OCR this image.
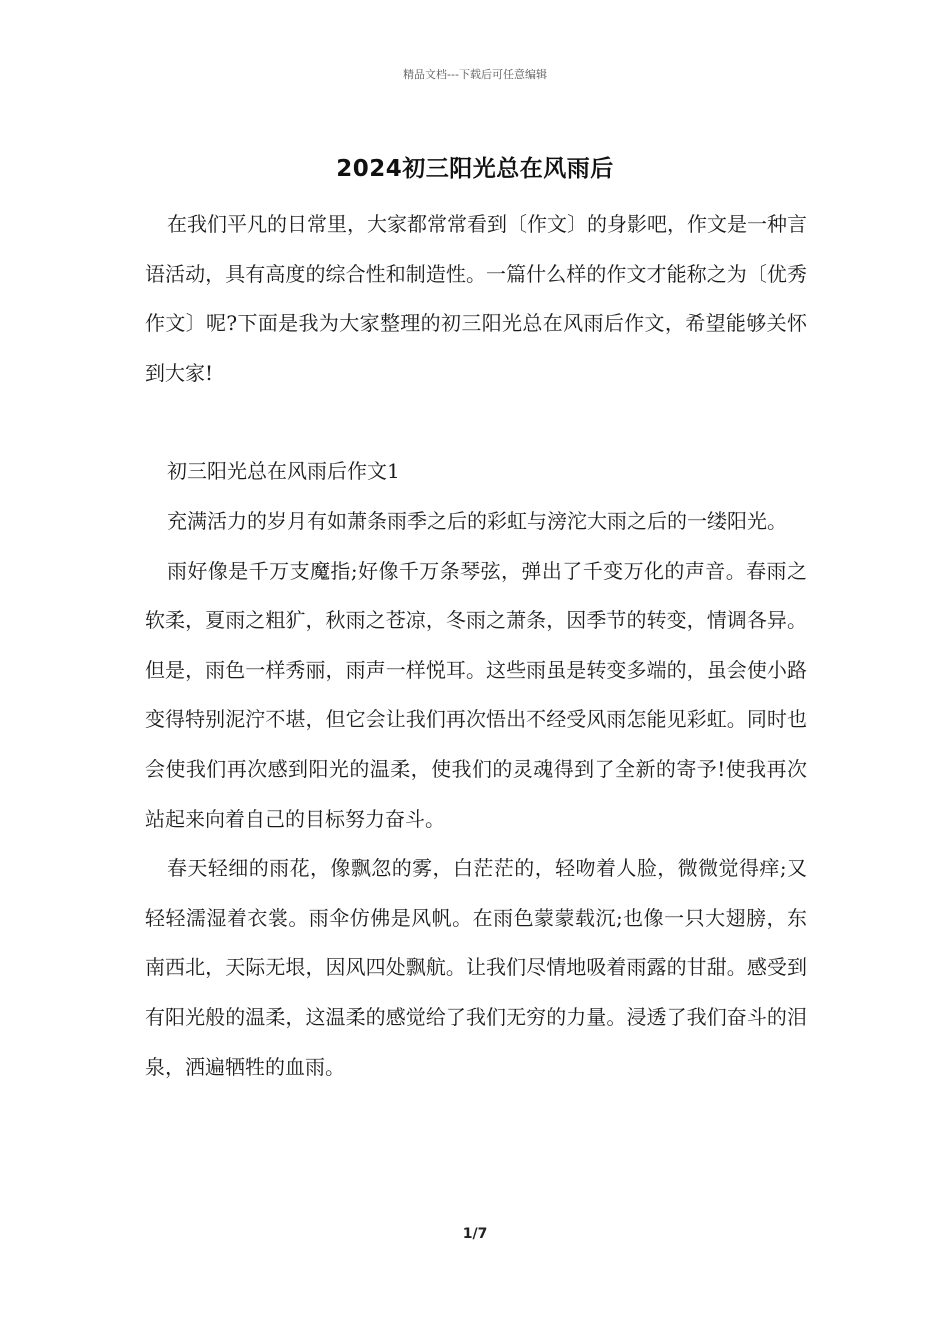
精品文档---下载后可任意编辑
2024初三阳光总在风雨后

在我们平凡的日常里，大家都常常看到〔作文〕的身影吧，作文是一种言语活动，具有高度的综合性和制造性。一篇什么样的作文才能称之为〔优秀作文〕呢?下面是我为大家整理的初三阳光总在风雨后作文，希望能够关怀到大家!

初三阳光总在风雨后作文1

充满活力的岁月有如萧条雨季之后的彩虹与滂沱大雨之后的一缕阳光。

雨好像是千万支魔指;好像千万条琴弦，弹出了千变万化的声音。春雨之软柔，夏雨之粗犷，秋雨之苍凉，冬雨之萧条，因季节的转变，情调各异。但是，雨色一样秀丽，雨声一样悦耳。这些雨虽是转变多端的，虽会使小路变得特别泥泞不堪，但它会让我们再次悟出不经受风雨怎能见彩虹。同时也会使我们再次感到阳光的温柔，使我们的灵魂得到了全新的寄予!使我再次站起来向着自己的目标努力奋斗。

春天轻细的雨花，像飘忽的雾，白茫茫的，轻吻着人脸，微微觉得痒;又轻轻濡湿着衣裳。雨伞仿佛是风帆。在雨色蒙蒙载沉;也像一只大翅膀，东南西北，天际无垠，因风四处飘航。让我们尽情地吸着雨露的甘甜。感受到有阳光般的温柔，这温柔的感觉给了我们无穷的力量。浸透了我们奋斗的泪泉，洒遍牺牲的血雨。

1/7
